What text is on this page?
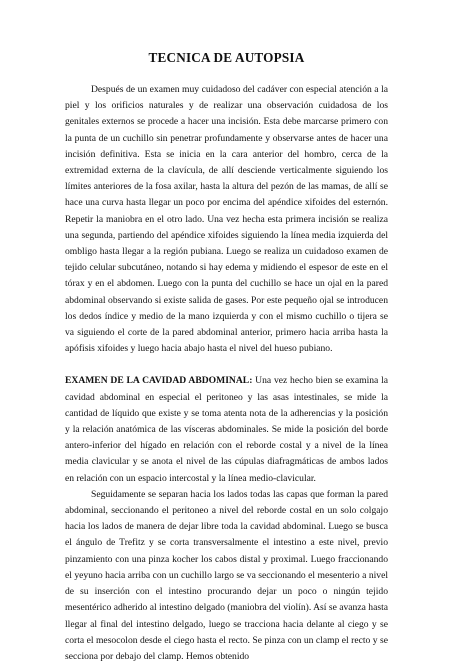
TECNICA DE AUTOPSIA

Después de un examen muy cuidadoso del cadáver con especial atención a la piel y los orificios naturales y de realizar una observación cuidadosa de los genitales externos se procede a hacer una incisión. Esta debe marcarse primero con la punta de un cuchillo sin penetrar profundamente y observarse antes de hacer una incisión definitiva. Esta se inicia en la cara anterior del hombro, cerca de la extremidad externa de la clavícula, de allí desciende verticalmente siguiendo los límites anteriores de la fosa axilar, hasta la altura del pezón de las mamas, de allí se hace una curva hasta llegar un poco por encima del apéndice xifoides del esternón. Repetir la maniobra en el otro lado. Una vez hecha esta primera incisión se realiza una segunda, partiendo del apéndice xifoides siguiendo la línea media izquierda del ombligo hasta llegar a la región pubiana. Luego se realiza un cuidadoso examen de tejido celular subcutáneo, notando si hay edema y midiendo el espesor de este en el tórax y en el abdomen. Luego con la punta del cuchillo se hace un ojal en la pared abdominal observando si existe salida de gases. Por este pequeño ojal se introducen los dedos índice y medio de la mano izquierda y con el mismo cuchillo o tijera se va siguiendo el corte de la pared abdominal anterior, primero hacia arriba hasta la apófisis xifoides y luego hacia abajo hasta el nivel del hueso pubiano.

EXAMEN DE LA CAVIDAD ABDOMINAL: Una vez hecho bien se examina la cavidad abdominal en especial el peritoneo y las asas intestinales, se mide la cantidad de líquido que existe y se toma atenta nota de la adherencias y la posición y la relación anatómica de las vísceras abdominales. Se mide la posición del borde antero-inferior del hígado en relación con el reborde costal y a nivel de la línea media clavicular y se anota el nivel de las cúpulas diafragmáticas de ambos lados en relación con un espacio intercostal y la línea medio-clavicular.

Seguidamente se separan hacia los lados todas las capas que forman la pared abdominal, seccionando el peritoneo a nivel del reborde costal en un solo colgajo hacia los lados de manera de dejar libre toda la cavidad abdominal. Luego se busca el ángulo de Trefitz y se corta transversalmente el intestino a este nivel, previo pinzamiento con una pinza kocher los cabos distal y proximal. Luego fraccionando el yeyuno hacia arriba con un cuchillo largo se va seccionando el mesenterio a nivel de su inserción con el intestino procurando dejar un poco o ningún tejido mesentérico adherido al intestino delgado (maniobra del violín). Así se avanza hasta llegar al final del intestino delgado, luego se tracciona hacia delante al ciego y se corta el mesocolon desde el ciego hasta el recto. Se pinza con un clamp el recto y se secciona por debajo del clamp. Hemos obtenido
